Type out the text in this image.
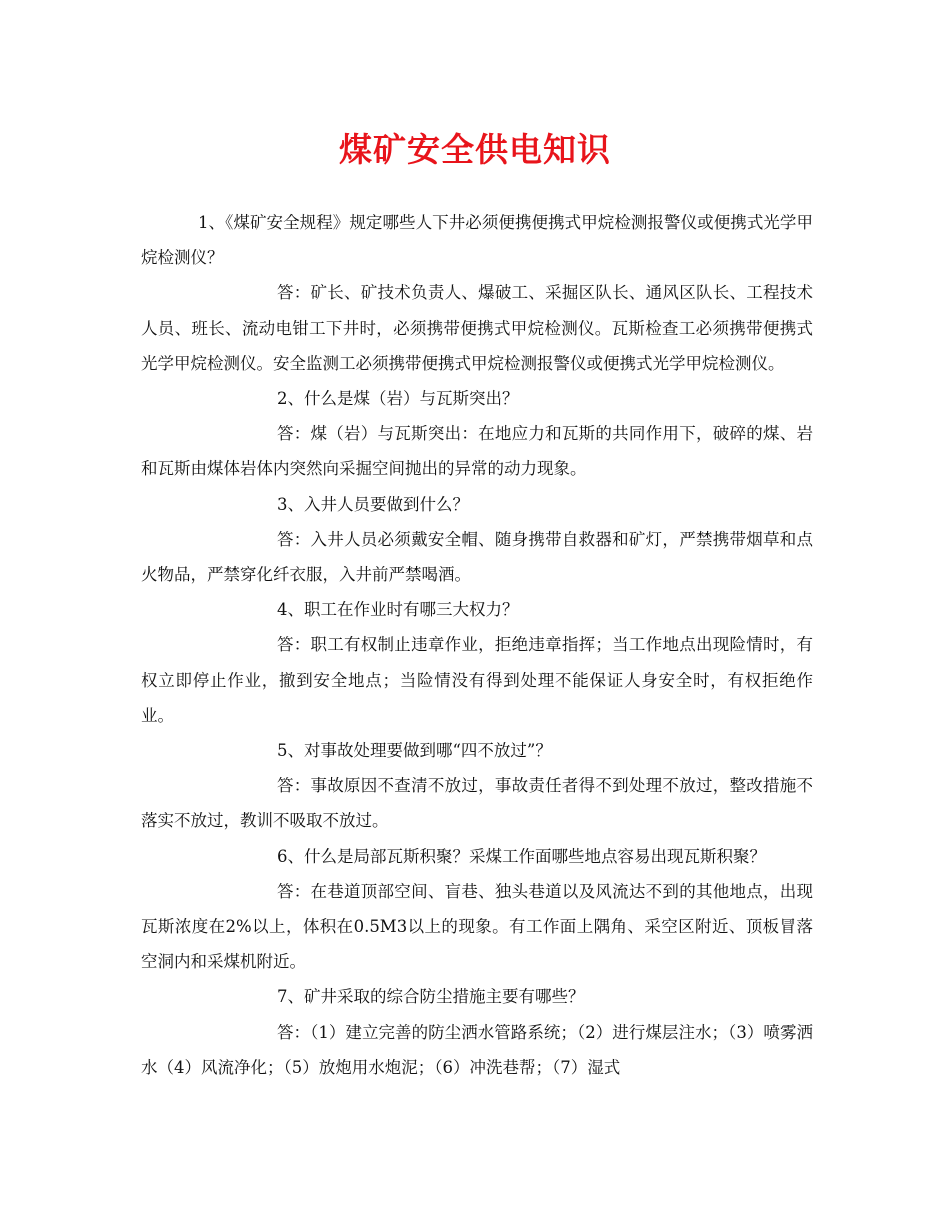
煤矿安全供电知识

1、《煤矿安全规程》规定哪些人下井必须便携便携式甲烷检测报警仪或便携式光学甲烷检测仪？

答：矿长、矿技术负责人、爆破工、采掘区队长、通风区队长、工程技术人员、班长、流动电钳工下井时，必须携带便携式甲烷检测仪。瓦斯检查工必须携带便携式光学甲烷检测仪。安全监测工必须携带便携式甲烷检测报警仪或便携式光学甲烷检测仪。

2、什么是煤（岩）与瓦斯突出？

答：煤（岩）与瓦斯突出：在地应力和瓦斯的共同作用下，破碎的煤、岩和瓦斯由煤体岩体内突然向采掘空间抛出的异常的动力现象。

3、入井人员要做到什么？

答：入井人员必须戴安全帽、随身携带自救器和矿灯，严禁携带烟草和点火物品，严禁穿化纤衣服，入井前严禁喝酒。

4、职工在作业时有哪三大权力？

答：职工有权制止违章作业，拒绝违章指挥；当工作地点出现险情时，有权立即停止作业，撤到安全地点；当险情没有得到处理不能保证人身安全时，有权拒绝作业。

5、对事故处理要做到哪“四不放过”？

答：事故原因不查清不放过，事故责任者得不到处理不放过，整改措施不落实不放过，教训不吸取不放过。

6、什么是局部瓦斯积聚？采煤工作面哪些地点容易出现瓦斯积聚？

答：在巷道顶部空间、盲巷、独头巷道以及风流达不到的其他地点，出现瓦斯浓度在2%以上，体积在0.5M3以上的现象。有工作面上隅角、采空区附近、顶板冒落空洞内和采煤机附近。

7、矿井采取的综合防尘措施主要有哪些？

答：（1）建立完善的防尘洒水管路系统；（2）进行煤层注水；（3）喷雾洒水（4）风流净化；（5）放炮用水炮泥；（6）冲洗巷帮；（7）湿式
